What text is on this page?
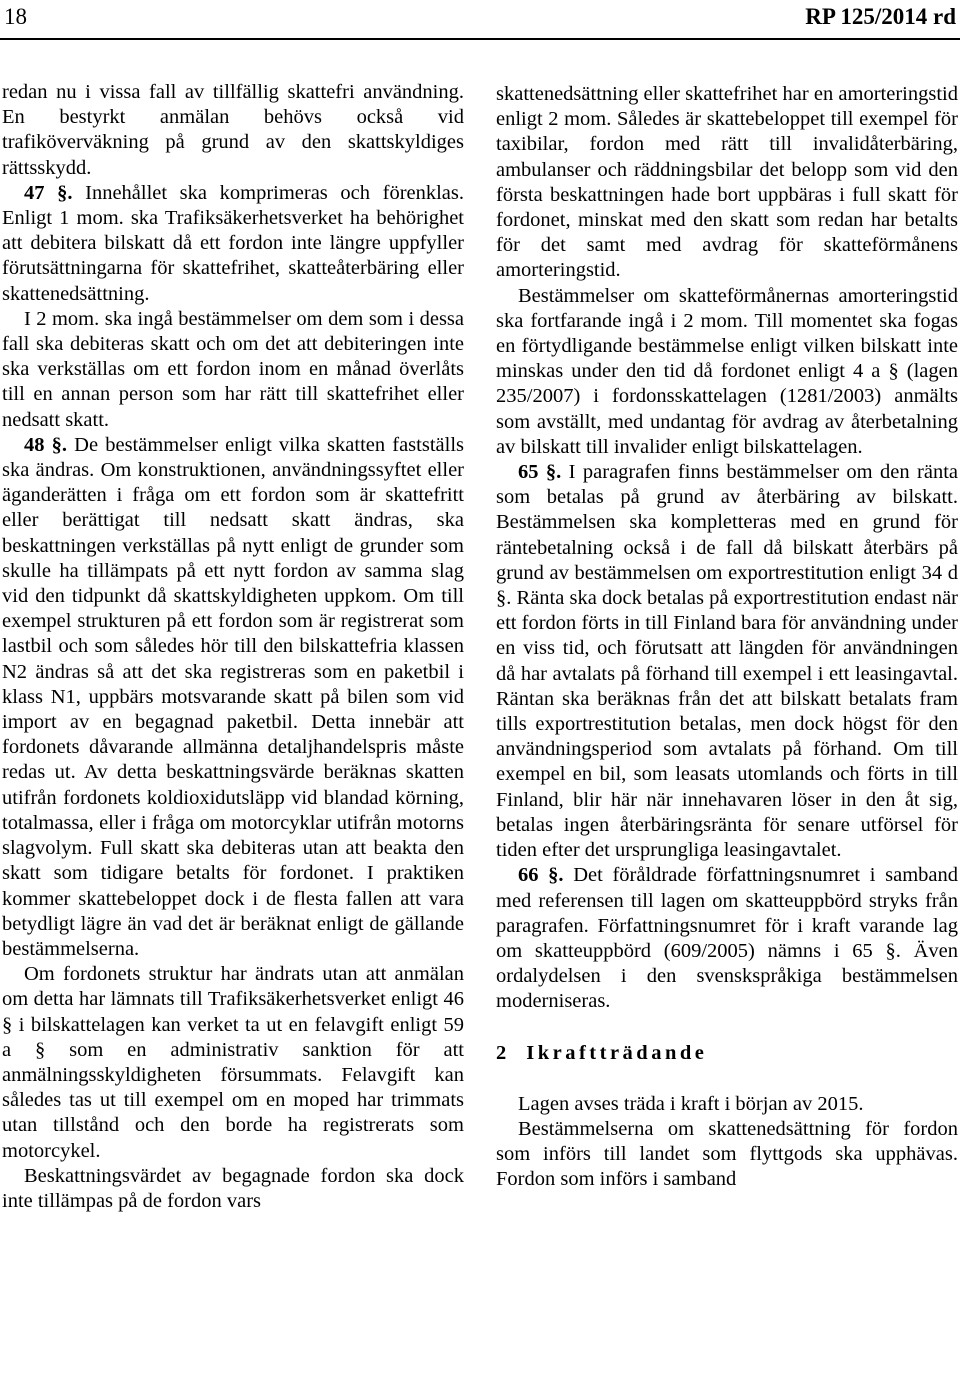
18	RP 125/2014 rd

redan nu i vissa fall av tillfällig skattefri användning. En bestyrkt anmälan behövs också vid trafiköverväkning på grund av den skattskyldiges rättsskydd.

47 §. Innehållet ska komprimeras och förenklas. Enligt 1 mom. ska Trafiksäkerhetsverket ha behörighet att debitera bilskatt då ett fordon inte längre uppfyller förutsättningarna för skattefrihet, skatteåterbäring eller skattenedsättning.

I 2 mom. ska ingå bestämmelser om dem som i dessa fall ska debiteras skatt och om det att debiteringen inte ska verkställas om ett fordon inom en månad överlåts till en annan person som har rätt till skattefrihet eller nedsatt skatt.

48 §. De bestämmelser enligt vilka skatten fastställs ska ändras. Om konstruktionen, användningssyftet eller äganderätten i fråga om ett fordon som är skattefritt eller berättigat till nedsatt skatt ändras, ska beskattningen verkställas på nytt enligt de grunder som skulle ha tillämpats på ett nytt fordon av samma slag vid den tidpunkt då skattskyldigheten uppkom. Om till exempel strukturen på ett fordon som är registrerat som lastbil och som således hör till den bilskattefria klassen N2 ändras så att det ska registreras som en paketbil i klass N1, uppbärs motsvarande skatt på bilen som vid import av en begagnad paketbil. Detta innebär att fordonets dåvarande allmänna detaljhandelspris måste redas ut. Av detta beskattningsvärde beräknas skatten utifrån fordonets koldioxidutsläpp vid blandad körning, totalmassa, eller i fråga om motorcyklar utifrån motorns slagvolym. Full skatt ska debiteras utan att beakta den skatt som tidigare betalts för fordonet. I praktiken kommer skattebeloppet dock i de flesta fallen att vara betydligt lägre än vad det är beräknat enligt de gällande bestämmelserna.

Om fordonets struktur har ändrats utan att anmälan om detta har lämnats till Trafiksäkerhetsverket enligt 46 § i bilskattelagen kan verket ta ut en felavgift enligt 59 a § som en administrativ sanktion för att anmälningsskyldigheten försummats. Felavgift kan således tas ut till exempel om en moped har trimmats utan tillstånd och den borde ha registrerats som motorcykel.

Beskattningsvärdet av begagnade fordon ska dock inte tillämpas på de fordon vars

skattenedsättning eller skattefrihet har en amorteringstid enligt 2 mom. Således är skattebeloppet till exempel för taxibilar, fordon med rätt till invalidåterbäring, ambulanser och räddningsbilar det belopp som vid den första beskattningen hade bort uppbäras i full skatt för fordonet, minskat med den skatt som redan har betalts för det samt med avdrag för skatteförmånens amorteringstid.

Bestämmelser om skatteförmånernas amorteringstid ska fortfarande ingå i 2 mom. Till momentet ska fogas en förtydligande bestämmelse enligt vilken bilskatt inte minskas under den tid då fordonet enligt 4 a § (lagen 235/2007) i fordonsskattelagen (1281/2003) anmälts som avställt, med undantag för avdrag av återbetalning av bilskatt till invalider enligt bilskattelagen.

65 §. I paragrafen finns bestämmelser om den ränta som betalas på grund av återbäring av bilskatt. Bestämmelsen ska kompletteras med en grund för räntebetalning också i de fall då bilskatt återbärs på grund av bestämmelsen om exportrestitution enligt 34 d §. Ränta ska dock betalas på exportrestitution endast när ett fordon förts in till Finland bara för användning under en viss tid, och förutsatt att längden för användningen då har avtalats på förhand till exempel i ett leasingavtal. Räntan ska beräknas från det att bilskatt betalats fram tills exportrestitution betalas, men dock högst för den användningsperiod som avtalats på förhand. Om till exempel en bil, som leasats utomlands och förts in till Finland, blir här när innehavaren löser in den åt sig, betalas ingen återbäringsränta för senare utförsel för tiden efter det ursprungliga leasingavtalet.

66 §. Det föråldrade författningsnumret i samband med referensen till lagen om skatteuppbörd stryks från paragrafen. Författningsnumret för i kraft varande lag om skatteuppbörd (609/2005) nämns i 65 §. Även ordalydelsen i den svenskspråkiga bestämmelsen moderniseras.

2 Ikraftträdande

Lagen avses träda i kraft i början av 2015.

Bestämmelserna om skattenedsättning för fordon som införs till landet som flyttgods ska upphävas. Fordon som införs i samband
